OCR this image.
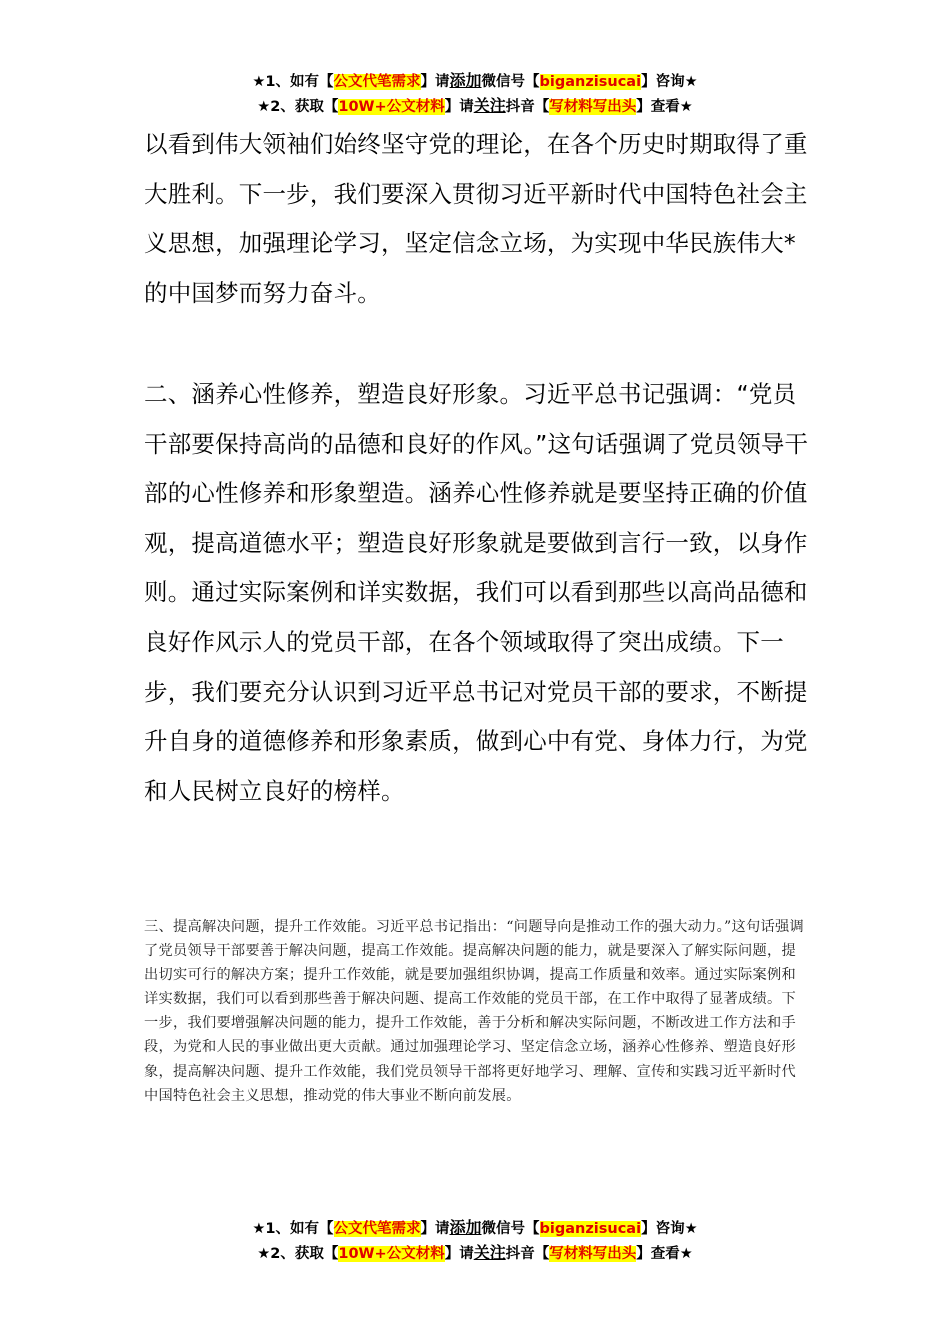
★1、如有【公文代笔需求】请添加微信号【biganzisucai】咨询★
★2、获取【10W+公文材料】请关注抖音【写材料写出头】查看★

以看到伟大领袖们始终坚守党的理论，在各个历史时期取得了重大胜利。下一步，我们要深入贯彻习近平新时代中国特色社会主义思想，加强理论学习，坚定信念立场，为实现中华民族伟大*的中国梦而努力奋斗。

二、涵养心性修养，塑造良好形象。习近平总书记强调：“党员干部要保持高尚的品德和良好的作风。”这句话强调了党员领导干部的心性修养和形象塑造。涵养心性修养就是要坚持正确的价值观，提高道德水平；塑造良好形象就是要做到言行一致，以身作则。通过实际案例和详实数据，我们可以看到那些以高尚品德和良好作风示人的党员干部，在各个领域取得了突出成绩。下一步，我们要充分认识到习近平总书记对党员干部的要求，不断提升自身的道德修养和形象素质，做到心中有党、身体力行，为党和人民树立良好的榜样。

三、提高解决问题，提升工作效能。习近平总书记指出：“问题导向是推动工作的强大动力。”这句话强调了党员领导干部要善于解决问题，提高工作效能。提高解决问题的能力，就是要深入了解实际问题，提出切实可行的解决方案；提升工作效能，就是要加强组织协调，提高工作质量和效率。通过实际案例和详实数据，我们可以看到那些善于解决问题、提高工作效能的党员干部，在工作中取得了显著成绩。下一步，我们要增强解决问题的能力，提升工作效能，善于分析和解决实际问题，不断改进工作方法和手段，为党和人民的事业做出更大贡献。通过加强理论学习、坚定信念立场，涵养心性修养、塑造良好形象，提高解决问题、提升工作效能，我们党员领导干部将更好地学习、理解、宣传和实践习近平新时代中国特色社会主义思想，推动党的伟大事业不断向前发展。

★1、如有【公文代笔需求】请添加微信号【biganzisucai】咨询★
★2、获取【10W+公文材料】请关注抖音【写材料写出头】查看★
